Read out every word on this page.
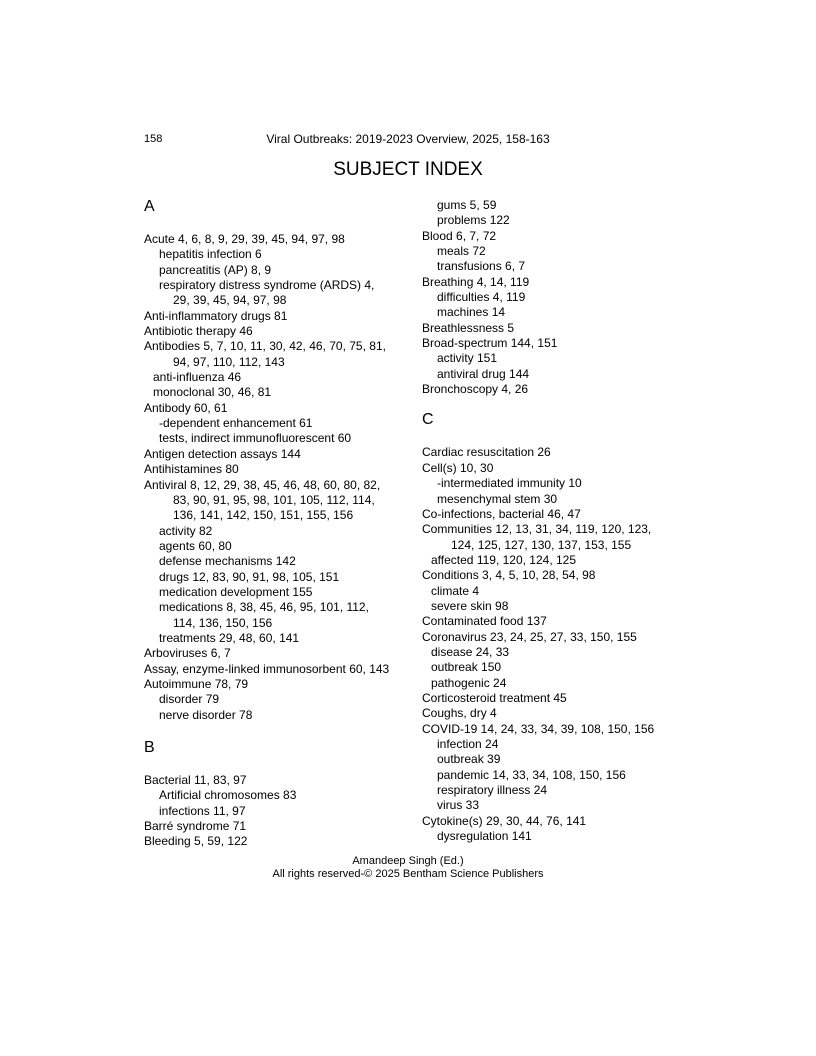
158	Viral Outbreaks: 2019-2023 Overview, 2025, 158-163
SUBJECT INDEX
A
Acute 4, 6, 8, 9, 29, 39, 45, 94, 97, 98
hepatitis infection 6
pancreatitis (AP) 8, 9
respiratory distress syndrome (ARDS) 4,
29, 39, 45, 94, 97, 98
Anti-inflammatory drugs 81
Antibiotic therapy 46
Antibodies 5, 7, 10, 11, 30, 42, 46, 70, 75, 81,
94, 97, 110, 112, 143
anti-influenza 46
monoclonal 30, 46, 81
Antibody 60, 61
-dependent enhancement 61
tests, indirect immunofluorescent 60
Antigen detection assays 144
Antihistamines 80
Antiviral 8, 12, 29, 38, 45, 46, 48, 60, 80, 82,
83, 90, 91, 95, 98, 101, 105, 112, 114,
136, 141, 142, 150, 151, 155, 156
activity 82
agents 60, 80
defense mechanisms 142
drugs 12, 83, 90, 91, 98, 105, 151
medication development 155
medications 8, 38, 45, 46, 95, 101, 112,
114, 136, 150, 156
treatments 29, 48, 60, 141
Arboviruses 6, 7
Assay, enzyme-linked immunosorbent 60, 143
Autoimmune 78, 79
disorder 79
nerve disorder 78
B
Bacterial 11, 83, 97
Artificial chromosomes 83
infections 11, 97
Barré syndrome 71
Bleeding 5, 59, 122
gums 5, 59
problems 122
Blood 6, 7, 72
meals 72
transfusions 6, 7
Breathing 4, 14, 119
difficulties 4, 119
machines 14
Breathlessness 5
Broad-spectrum 144, 151
activity 151
antiviral drug 144
Bronchoscopy 4, 26
C
Cardiac resuscitation 26
Cell(s) 10, 30
-intermediated immunity 10
mesenchymal stem 30
Co-infections, bacterial 46, 47
Communities 12, 13, 31, 34, 119, 120, 123,
124, 125, 127, 130, 137, 153, 155
affected 119, 120, 124, 125
Conditions 3, 4, 5, 10, 28, 54, 98
climate 4
severe skin 98
Contaminated food 137
Coronavirus 23, 24, 25, 27, 33, 150, 155
disease 24, 33
outbreak 150
pathogenic 24
Corticosteroid treatment 45
Coughs, dry 4
COVID-19 14, 24, 33, 34, 39, 108, 150, 156
infection 24
outbreak 39
pandemic 14, 33, 34, 108, 150, 156
respiratory illness 24
virus 33
Cytokine(s) 29, 30, 44, 76, 141
dysregulation 141
Amandeep Singh (Ed.)
All rights reserved-© 2025 Bentham Science Publishers
